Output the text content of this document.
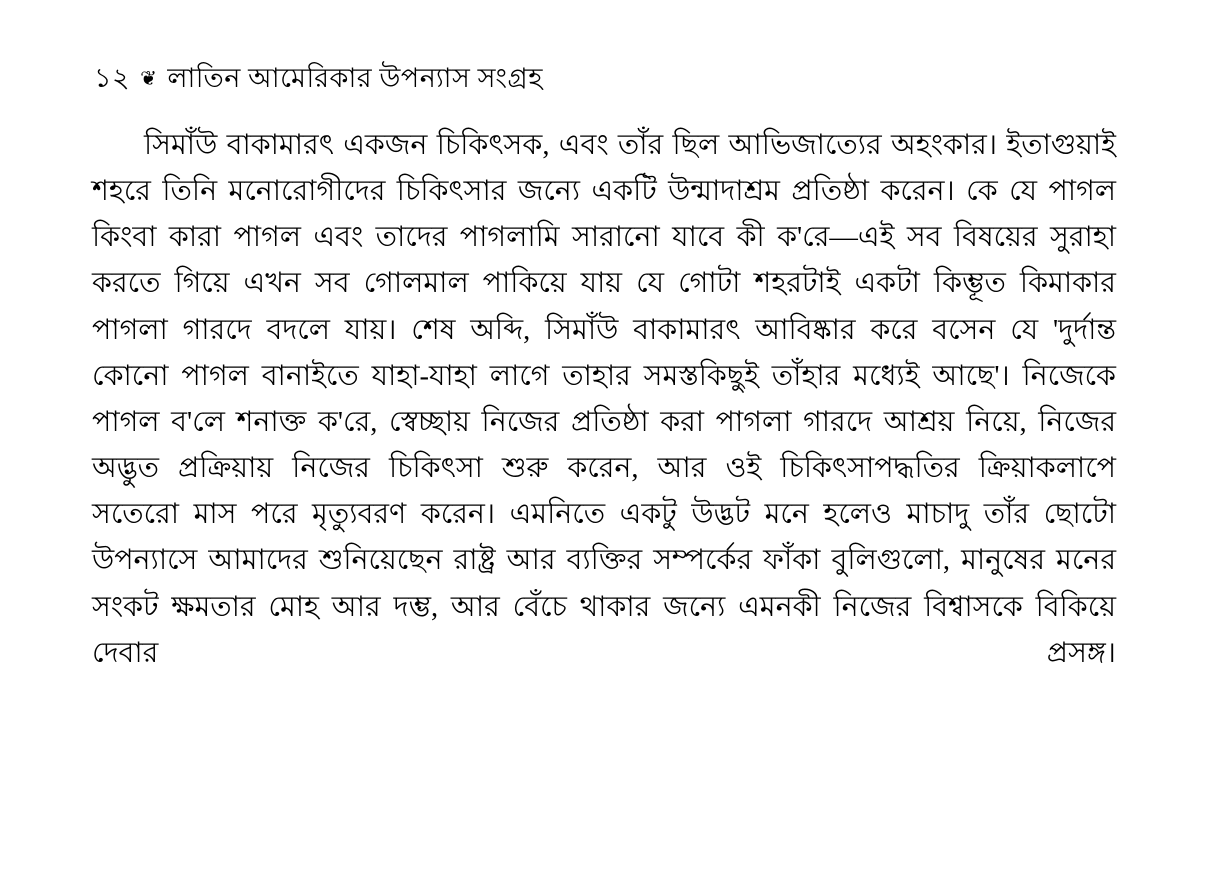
১২ ❦ লাতিন আমেরিকার উপন্যাস সংগ্রহ

সিমাঁউ বাকামারৎ একজন চিকিৎসক, এবং তাঁর ছিল আভিজাত্যের অহংকার। ইতাগুয়াই শহরে তিনি মনোরোগীদের চিকিৎসার জন্যে একটি উন্মাদাশ্রম প্রতিষ্ঠা করেন। কে যে পাগল কিংবা কারা পাগল এবং তাদের পাগলামি সারানো যাবে কী ক'রে—এই সব বিষয়ের সুরাহা করতে গিয়ে এখন সব গোলমাল পাকিয়ে যায় যে গোটা শহরটাই একটা কিম্ভূত কিমাকার পাগলা গারদে বদলে যায়। শেষ অব্দি, সিমাঁউ বাকামারৎ আবিষ্কার করে বসেন যে 'দুর্দান্ত কোনো পাগল বানাইতে যাহা-যাহা লাগে তাহার সমস্তকিছুই তাঁহার মধ্যেই আছে'। নিজেকে পাগল ব'লে শনাক্ত ক'রে, স্বেচ্ছায় নিজের প্রতিষ্ঠা করা পাগলা গারদে আশ্রয় নিয়ে, নিজের অদ্ভুত প্রক্রিয়ায় নিজের চিকিৎসা শুরু করেন, আর ওই চিকিৎসাপদ্ধতির ক্রিয়াকলাপে সতেরো মাস পরে মৃত্যুবরণ করেন। এমনিতে একটু উদ্ভট মনে হলেও মাচাদু তাঁর ছোটো উপন্যাসে আমাদের শুনিয়েছেন রাষ্ট্র আর ব্যক্তির সম্পর্কের ফাঁকা বুলিগুলো, মানুষের মনের সংকট ক্ষমতার মোহ আর দম্ভ, আর বেঁচে থাকার জন্যে এমনকী নিজের বিশ্বাসকে বিকিয়ে দেবার প্রসঙ্গ।
